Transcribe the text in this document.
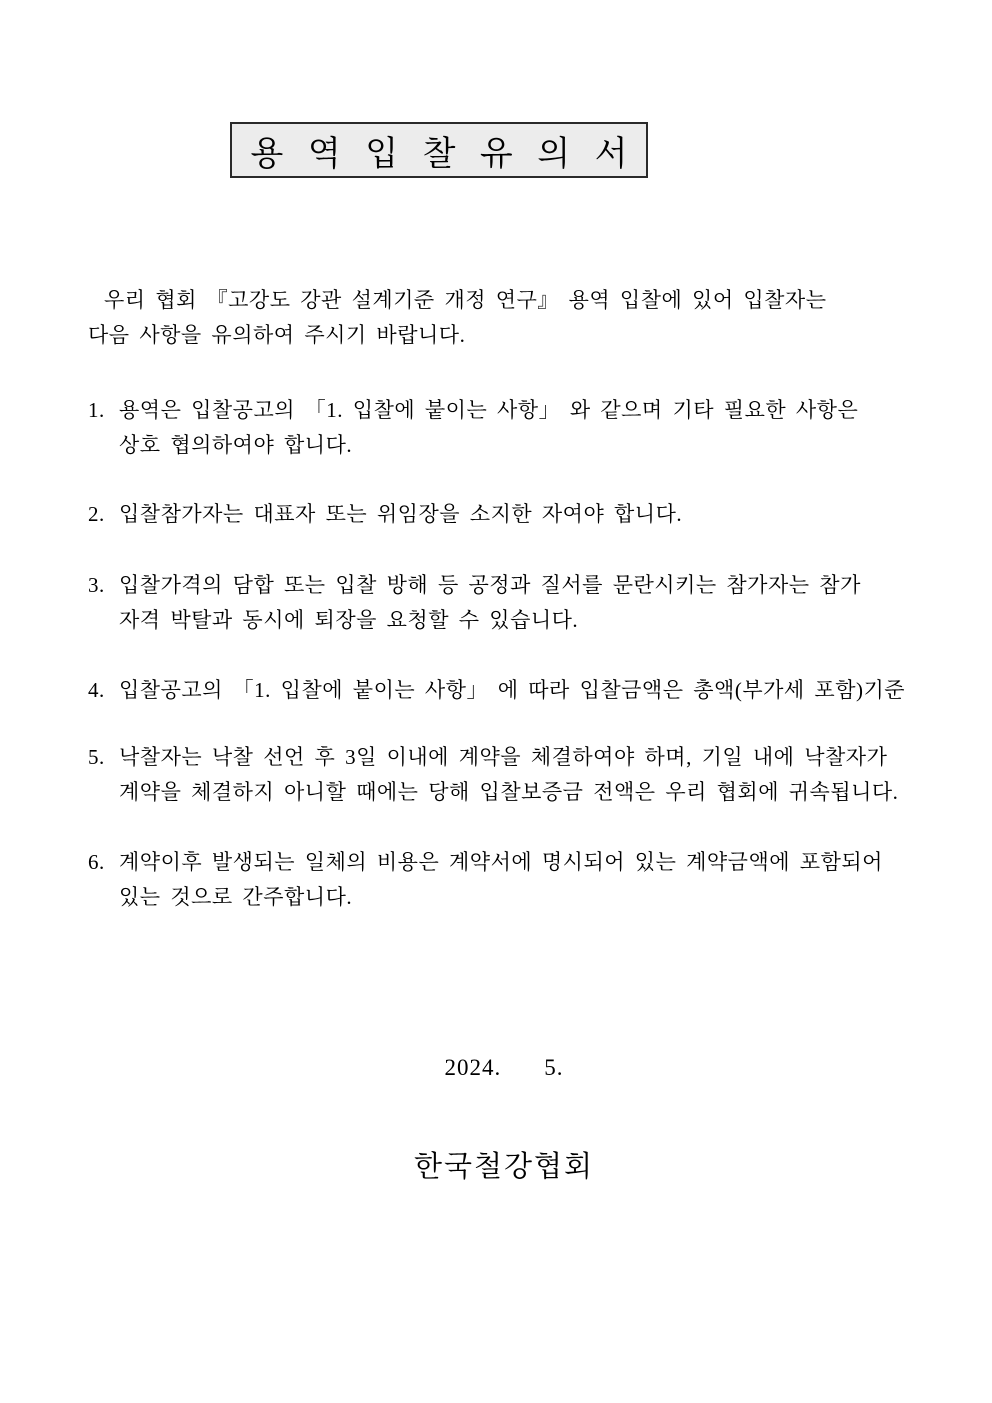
용 역 입 찰 유 의 서
우리 협회 『고강도 강관 설계기준 개정 연구』 용역 입찰에 있어 입찰자는
다음 사항을 유의하여 주시기 바랍니다.
1. 용역은 입찰공고의 「1. 입찰에 붙이는 사항」 와 같으며 기타 필요한 사항은
상호 협의하여야 합니다.
2. 입찰참가자는 대표자 또는 위임장을 소지한 자여야 합니다.
3. 입찰가격의 담합 또는 입찰 방해 등 공정과 질서를 문란시키는 참가자는 참가
자격 박탈과 동시에 퇴장을 요청할 수 있습니다.
4. 입찰공고의 「1. 입찰에 붙이는 사항」 에 따라 입찰금액은 총액(부가세 포함)기준
5. 낙찰자는 낙찰 선언 후 3일 이내에 계약을 체결하여야 하며, 기일 내에 낙찰자가
계약을 체결하지 아니할 때에는 당해 입찰보증금 전액은 우리 협회에 귀속됩니다.
6. 계약이후 발생되는 일체의 비용은 계약서에 명시되어 있는 계약금액에 포함되어
있는 것으로 간주합니다.
2024.    5.
한국철강협회
